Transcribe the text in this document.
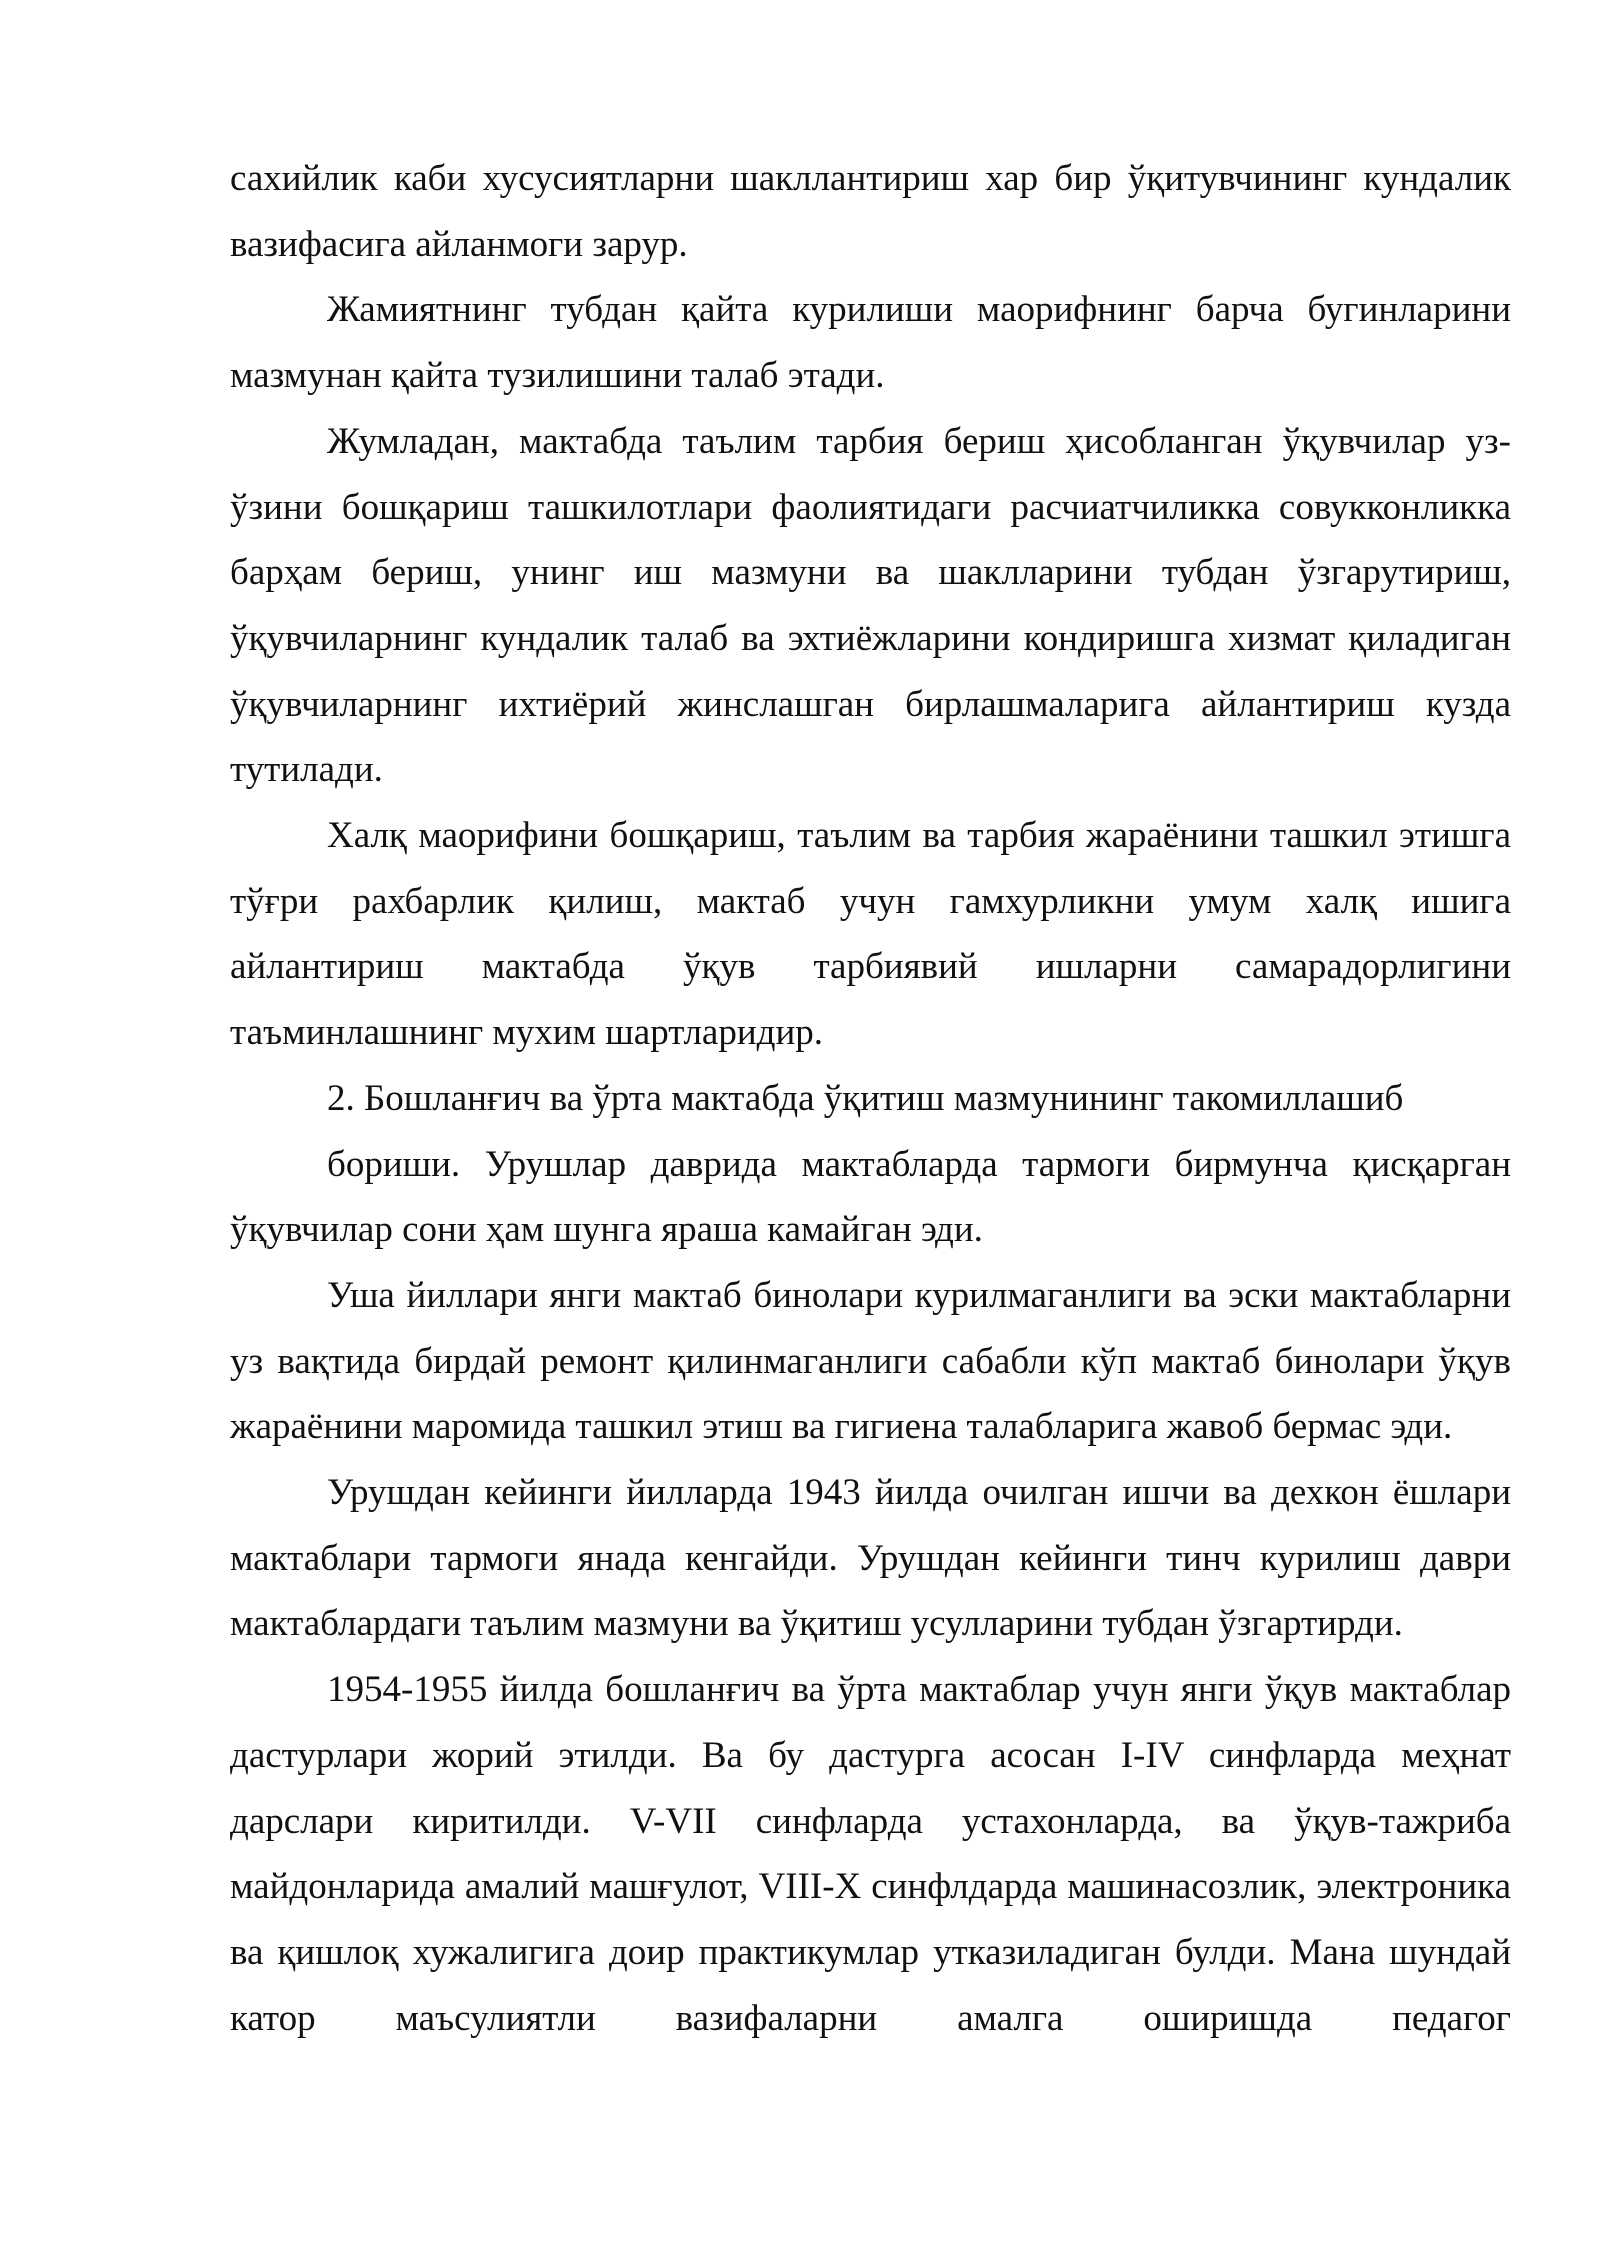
сахийлик каби хусусиятларни шакллантириш хар бир ўқитувчининг кундалик вазифасига айланмоги зарур.

Жамиятнинг тубдан қайта курилиши маорифнинг барча бугинларини мазмунан қайта тузилишини талаб этади.

Жумладан, мактабда таълим тарбия бериш ҳисобланган ўқувчилар уз-ўзини бошқариш ташкилотлари фаолиятидаги расчиатчиликка совукконликка барҳам бериш, унинг иш мазмуни ва шаклларини тубдан ўзгарутириш, ўқувчиларнинг кундалик талаб ва эхтиёжларини кондиришга хизмат қиладиган ўқувчиларнинг ихтиёрий жинслашган бирлашмаларига айлантириш кузда тутилади.

Халқ маорифини бошқариш, таълим ва тарбия жараёнини ташкил этишга тўғри рахбарлик қилиш, мактаб учун гамхурликни умум халқ ишига айлантириш мактабда ўқув тарбиявий ишларни самарадорлигини таъминлашнинг мухим шартларидир.

2. Бошланғич ва ўрта мактабда ўқитиш мазмунининг такомиллашиб

бориши. Урушлар даврида мактабларда тармоги бирмунча қисқарган ўқувчилар сони ҳам шунга яраша камайган эди.

Уша йиллари янги мактаб бинолари курилмаганлиги ва эски мактабларни уз вақтида бирдай ремонт қилинмаганлиги сабабли кўп мактаб бинолари ўқув жараёнини маромида ташкил этиш ва гигиена талабларига жавоб бермас эди.

Урушдан кейинги йилларда 1943 йилда очилган ишчи ва дехкон ёшлари мактаблари тармоги янада кенгайди. Урушдан кейинги тинч курилиш даври мактаблардаги таълим мазмуни ва ўқитиш усулларини тубдан ўзгартирди.

1954-1955 йилда бошланғич ва ўрта мактаблар учун янги ўқув мактаблар дастурлари жорий этилди. Ва бу дастурга асосан I-IV синфларда меҳнат дарслари киритилди. V-VII синфларда устахонларда, ва ўқув-тажриба майдонларида амалий машғулот, VIII-X синфлдарда машинасозлик, электроника ва қишлоқ хужалигига доир практикумлар утказиладиган булди. Мана шундай катор маъсулиятли вазифаларни амалга оширишда педагог
